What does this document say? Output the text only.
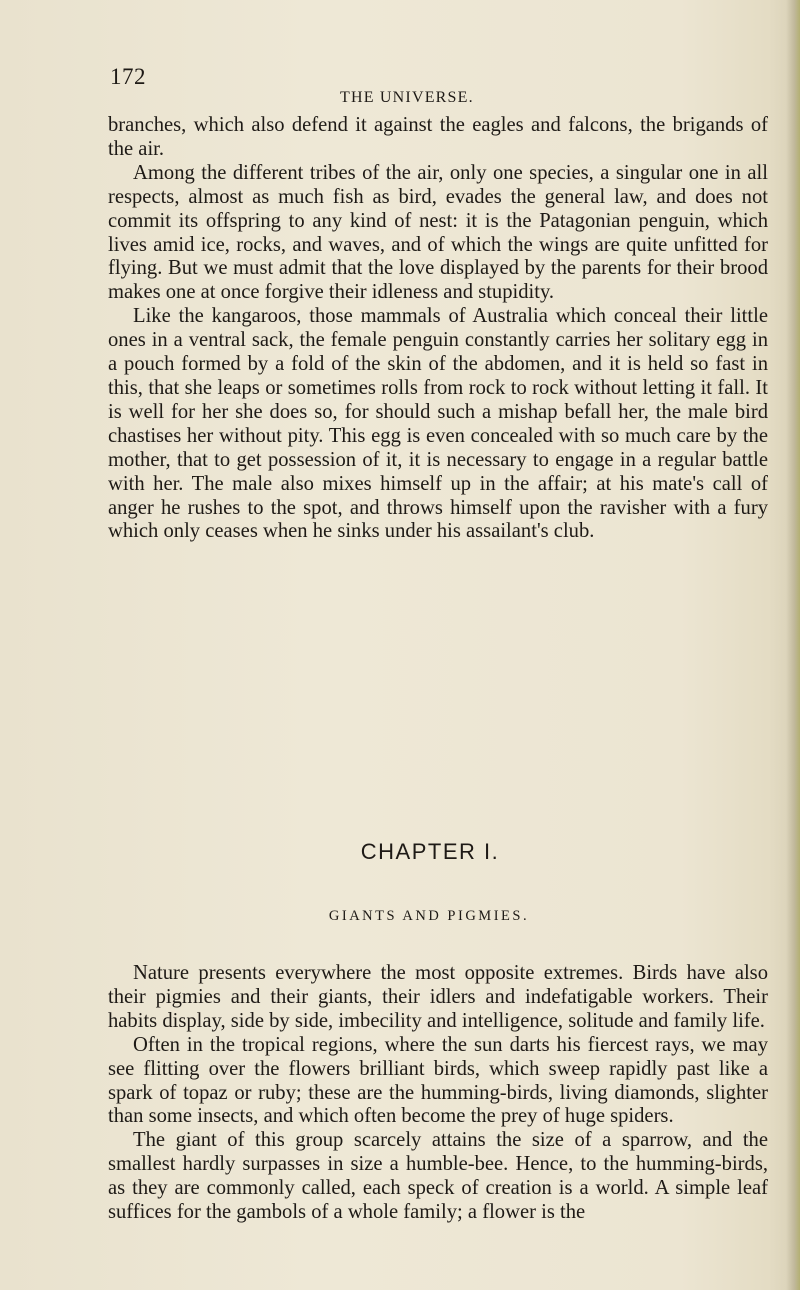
172
THE UNIVERSE.

branches, which also defend it against the eagles and falcons, the brigands of the air.

Among the different tribes of the air, only one species, a singular one in all respects, almost as much fish as bird, evades the general law, and does not commit its offspring to any kind of nest: it is the Patagonian penguin, which lives amid ice, rocks, and waves, and of which the wings are quite unfitted for flying. But we must admit that the love displayed by the parents for their brood makes one at once forgive their idleness and stupidity.

Like the kangaroos, those mammals of Australia which conceal their little ones in a ventral sack, the female penguin constantly carries her solitary egg in a pouch formed by a fold of the skin of the abdomen, and it is held so fast in this, that she leaps or sometimes rolls from rock to rock without letting it fall. It is well for her she does so, for should such a mishap befall her, the male bird chastises her without pity. This egg is even concealed with so much care by the mother, that to get possession of it, it is necessary to engage in a regular battle with her. The male also mixes himself up in the affair; at his mate's call of anger he rushes to the spot, and throws himself upon the ravisher with a fury which only ceases when he sinks under his assailant's club.

CHAPTER I.
GIANTS AND PIGMIES.

Nature presents everywhere the most opposite extremes. Birds have also their pigmies and their giants, their idlers and indefatigable workers. Their habits display, side by side, imbecility and intelligence, solitude and family life.

Often in the tropical regions, where the sun darts his fiercest rays, we may see flitting over the flowers brilliant birds, which sweep rapidly past like a spark of topaz or ruby; these are the humming-birds, living diamonds, slighter than some insects, and which often become the prey of huge spiders.

The giant of this group scarcely attains the size of a sparrow, and the smallest hardly surpasses in size a humble-bee. Hence, to the humming-birds, as they are commonly called, each speck of creation is a world. A simple leaf suffices for the gambols of a whole family; a flower is the
